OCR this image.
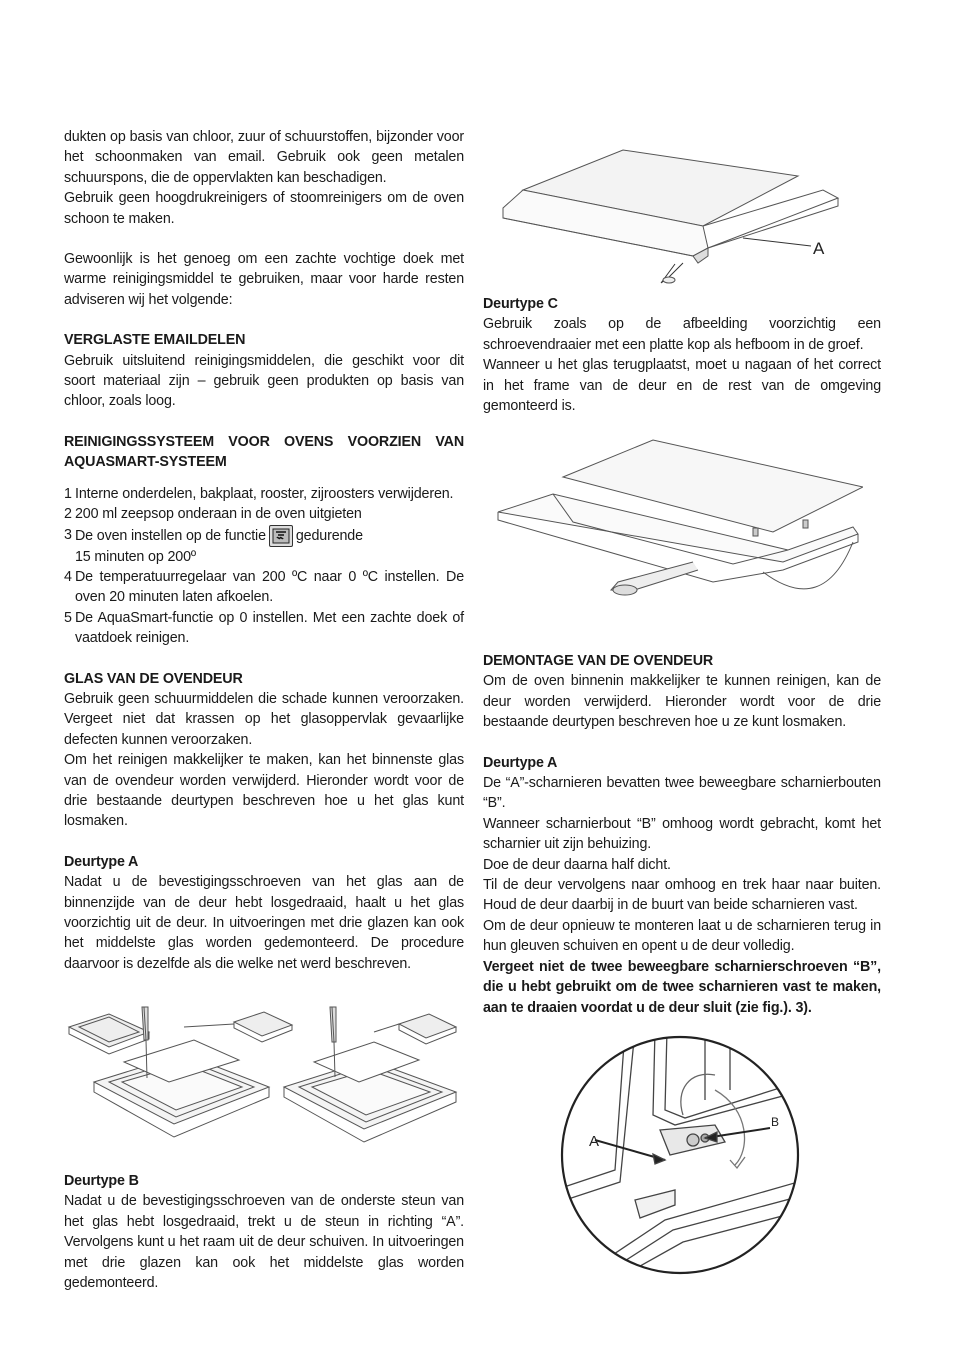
dukten op basis van chloor, zuur of schuurstoffen, bijzonder voor het schoonmaken van email. Gebruik ook geen metalen schuurspons, die de oppervlakten kan beschadigen.

Gebruik geen hoogdrukreinigers of stoomreinigers om de oven schoon te maken.

Gewoonlijk is het genoeg om een zachte vochtige doek met warme reinigingsmiddel te gebruiken, maar voor harde resten adviseren wij het volgende:

VERGLASTE EMAILDELEN

Gebruik uitsluitend reinigingsmiddelen, die geschikt voor dit soort materiaal zijn – gebruik geen produkten op basis van chloor, zoals loog.

REINIGINGSSYSTEEM VOOR OVENS VOORZIEN VAN AQUASMART-SYSTEEM

1 Interne onderdelen, bakplaat, rooster, zijroosters verwijderen.
2 200 ml zeepsop onderaan in de oven uitgieten
3 De oven instellen op de functie gedurende
15 minuten op 200º
4 De temperatuurregelaar van 200 ºC naar 0 ºC instellen. De oven 20 minuten laten afkoelen.
5 De AquaSmart-functie op 0 instellen. Met een zachte doek of vaatdoek reinigen.

GLAS VAN DE OVENDEUR

Gebruik geen schuurmiddelen die schade kunnen veroorzaken. Vergeet niet dat krassen op het glasoppervlak gevaarlijke defecten kunnen veroorzaken.

Om het reinigen makkelijker te maken, kan het binnenste glas van de ovendeur worden verwijderd. Hieronder wordt voor de drie bestaande deurtypen beschreven hoe u het glas kunt losmaken.

Deurtype A

Nadat u de bevestigingsschroeven van het glas aan de binnenzijde van de deur hebt losgedraaid, haalt u het glas voorzichtig uit de deur. In uitvoeringen met drie glazen kan ook het middelste glas worden gedemonteerd. De procedure daarvoor is dezelfde als die welke net werd beschreven.

Deurtype B

Nadat u de bevestigingsschroeven van de onderste steun van het glas hebt losgedraaid, trekt u de steun in richting “A”. Vervolgens kunt u het raam uit de deur schuiven. In uitvoeringen met drie glazen kan ook het middelste glas worden gedemonteerd.

A

Deurtype C

Gebruik zoals op de afbeelding voorzichtig een schroevendraaier met een platte kop als hefboom in de groef.

Wanneer u het glas terugplaatst, moet u nagaan of het correct in het frame van de deur en de rest van de omgeving gemonteerd is.

DEMONTAGE VAN DE OVENDEUR

Om de oven binnenin makkelijker te kunnen reinigen, kan de deur worden verwijderd. Hieronder wordt voor de drie bestaande deurtypen beschreven hoe u ze kunt losmaken.

Deurtype A

De “A”-scharnieren bevatten twee beweegbare scharnierbouten “B”.

Wanneer scharnierbout “B” omhoog wordt gebracht, komt het scharnier uit zijn behuizing.

Doe de deur daarna half dicht.

Til de deur vervolgens naar omhoog en trek haar naar buiten. Houd de deur daarbij in de buurt van beide scharnieren vast.

Om de deur opnieuw te monteren laat u de scharnieren terug in hun gleuven schuiven en opent u de deur volledig.

Vergeet niet de twee beweegbare scharnierschroeven “B”, die u hebt gebruikt om de twee scharnieren vast te maken, aan te draaien voordat u de deur sluit (zie fig.). 3).

A
B
